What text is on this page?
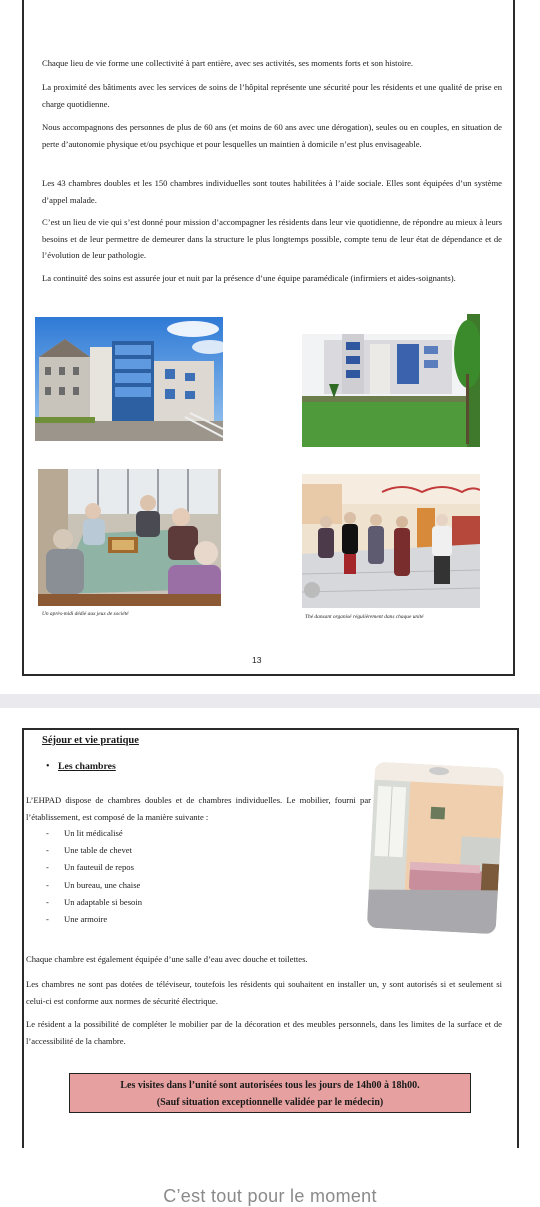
Chaque lieu de vie forme une collectivité à part entière, avec ses activités, ses moments forts et son histoire.

La proximité des bâtiments avec les services de soins de l’hôpital représente une sécurité pour les résidents et une qualité de prise en charge quotidienne.

Nous accompagnons des personnes de plus de 60 ans (et moins de 60 ans avec une dérogation), seules ou en couples, en situation de perte d’autonomie physique et/ou psychique et pour lesquelles un maintien à domicile n’est plus envisageable.

Les 43 chambres doubles et les 150 chambres individuelles sont toutes habilitées à l’aide sociale. Elles sont équipées d’un système d’appel malade.

C’est un lieu de vie qui s’est donné pour mission d’accompagner les résidents dans leur vie quotidienne, de répondre au mieux à leurs besoins et de leur permettre de demeurer dans la structure le plus longtemps possible, compte tenu de leur état de dépendance et de l’évolution de leur pathologie.

La continuité des soins est assurée jour et nuit par la présence d’une équipe paramédicale (infirmiers et aides-soignants).

Un après-midi dédié aux jeux de société	Thé dansant organisé régulièrement dans chaque unité
13
Séjour et vie pratique
• Les chambres

L’EHPAD dispose de chambres doubles et de chambres individuelles. Le mobilier, fourni par l’établissement, est composé de la manière suivante :

- Un lit médicalisé
- Une table de chevet
- Un fauteuil de repos
- Un bureau, une chaise
- Un adaptable si besoin
- Une armoire

Chaque chambre est également équipée d’une salle d’eau avec douche et toilettes.

Les chambres ne sont pas dotées de téléviseur, toutefois les résidents qui souhaitent en installer un, y sont autorisés si et seulement si celui-ci est conforme aux normes de sécurité électrique.

Le résident a la possibilité de compléter le mobilier par de la décoration et des meubles personnels, dans les limites de la surface et de l’accessibilité de la chambre.

Les visites dans l’unité sont autorisées tous les jours de 14h00 à 18h00.
(Sauf situation exceptionnelle validée par le médecin)
C’est tout pour le moment
